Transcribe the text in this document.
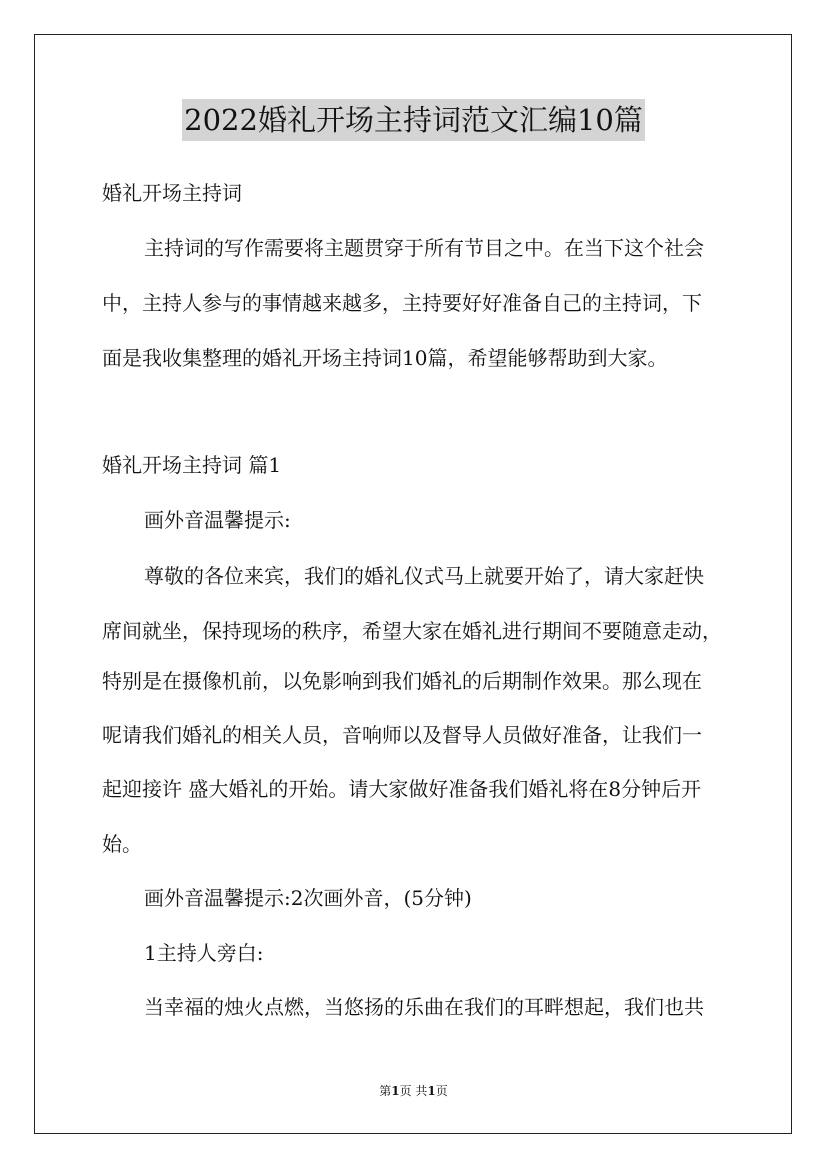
2022婚礼开场主持词范文汇编10篇
婚礼开场主持词
主持词的写作需要将主题贯穿于所有节目之中。在当下这个社会
中，主持人参与的事情越来越多，主持要好好准备自己的主持词，下
面是我收集整理的婚礼开场主持词10篇，希望能够帮助到大家。
婚礼开场主持词 篇1
画外音温馨提示:
尊敬的各位来宾，我们的婚礼仪式马上就要开始了，请大家赶快
席间就坐，保持现场的秩序，希望大家在婚礼进行期间不要随意走动，
特别是在摄像机前，以免影响到我们婚礼的后期制作效果。那么现在
呢请我们婚礼的相关人员，音响师以及督导人员做好准备，让我们一
起迎接许 盛大婚礼的开始。请大家做好准备我们婚礼将在8分钟后开
始。
画外音温馨提示:2次画外音，(5分钟)
1主持人旁白:
当幸福的烛火点燃，当悠扬的乐曲在我们的耳畔想起，我们也共
第1页 共1页
